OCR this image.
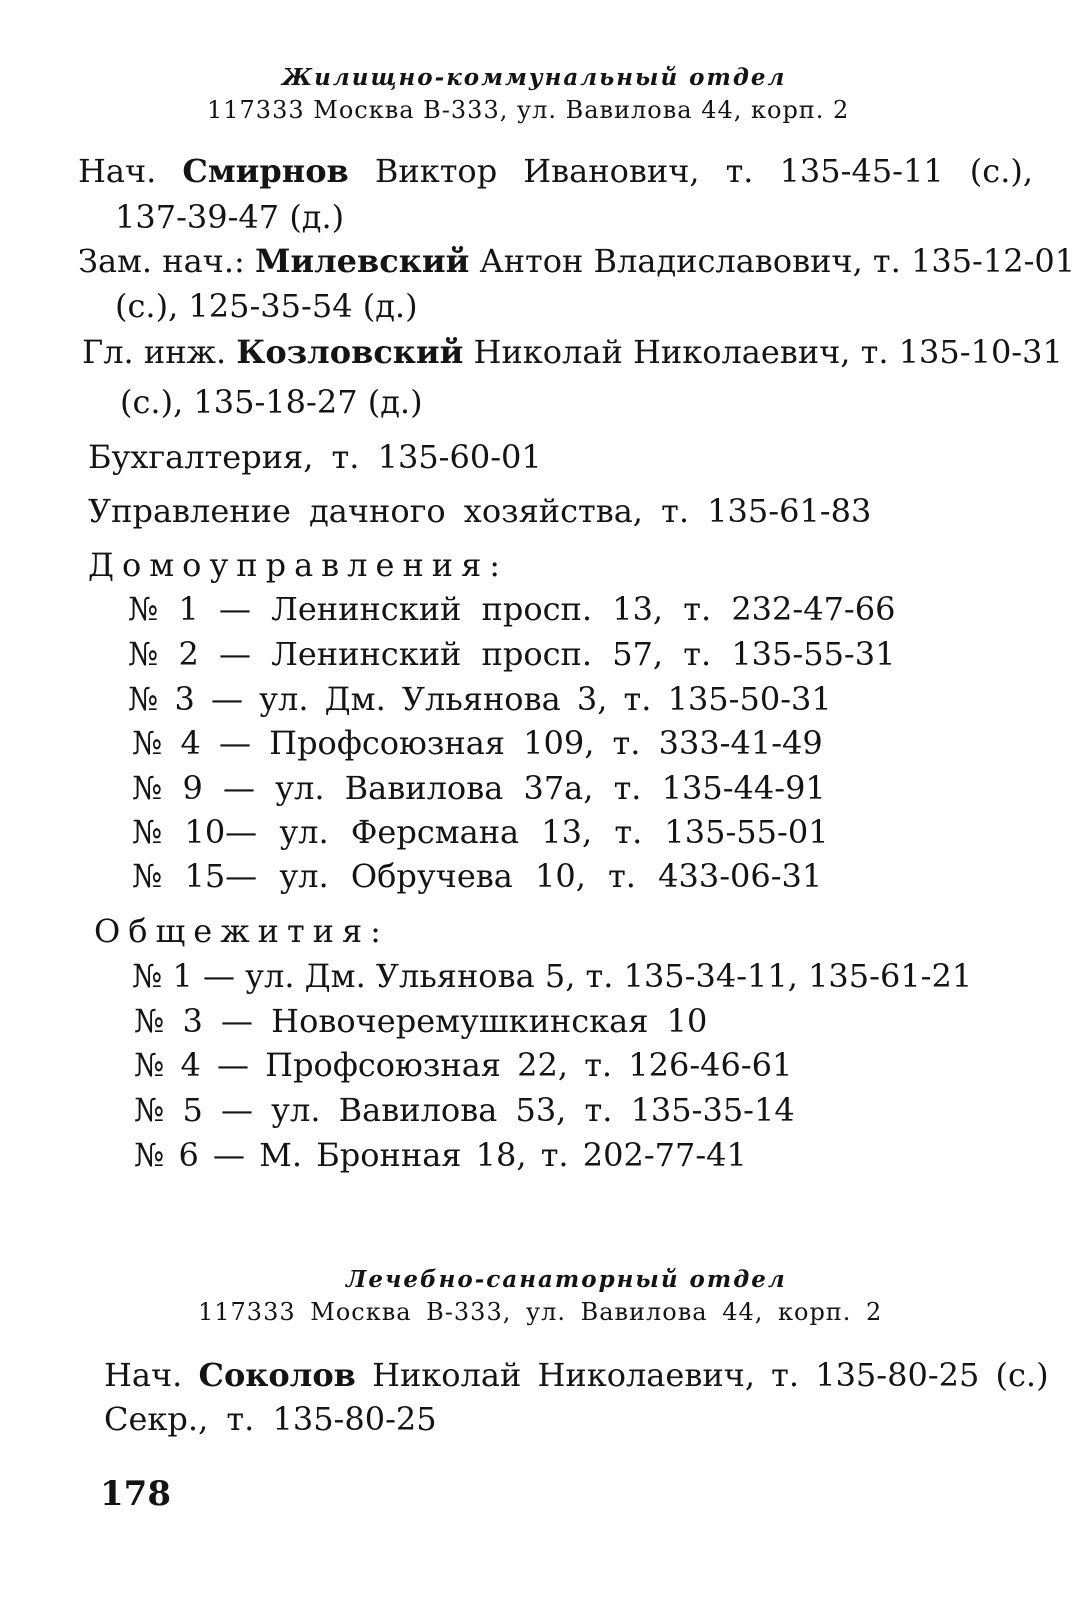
Жилищно-коммунальный отдел
117333 Москва В-333, ул. Вавилова 44, корп. 2
Нач. Смирнов Виктор Иванович, т. 135-45-11 (с.),
137-39-47 (д.)
Зам. нач.: Милевский Антон Владиславович, т. 135-12-01
(с.), 125-35-54 (д.)
Гл. инж. Козловский Николай Николаевич, т. 135-10-31
(с.), 135-18-27 (д.)
Бухгалтерия, т. 135-60-01
Управление дачного хозяйства, т. 135-61-83
Домоуправления:
№ 1 — Ленинский просп. 13, т. 232-47-66
№ 2 — Ленинский просп. 57, т. 135-55-31
№ 3 — ул. Дм. Ульянова 3, т. 135-50-31
№ 4 — Профсоюзная 109, т. 333-41-49
№ 9 — ул. Вавилова 37а, т. 135-44-91
№ 10— ул. Ферсмана 13, т. 135-55-01
№ 15— ул. Обручева 10, т. 433-06-31
Общежития:
№ 1 — ул. Дм. Ульянова 5, т. 135-34-11, 135-61-21
№ 3 — Новочеремушкинская 10
№ 4 — Профсоюзная 22, т. 126-46-61
№ 5 — ул. Вавилова 53, т. 135-35-14
№ 6 — М. Бронная 18, т. 202-77-41
Лечебно-санаторный отдел
117333 Москва В-333, ул. Вавилова 44, корп. 2
Нач. Соколов Николай Николаевич, т. 135-80-25 (с.)
Секр., т. 135-80-25
178
